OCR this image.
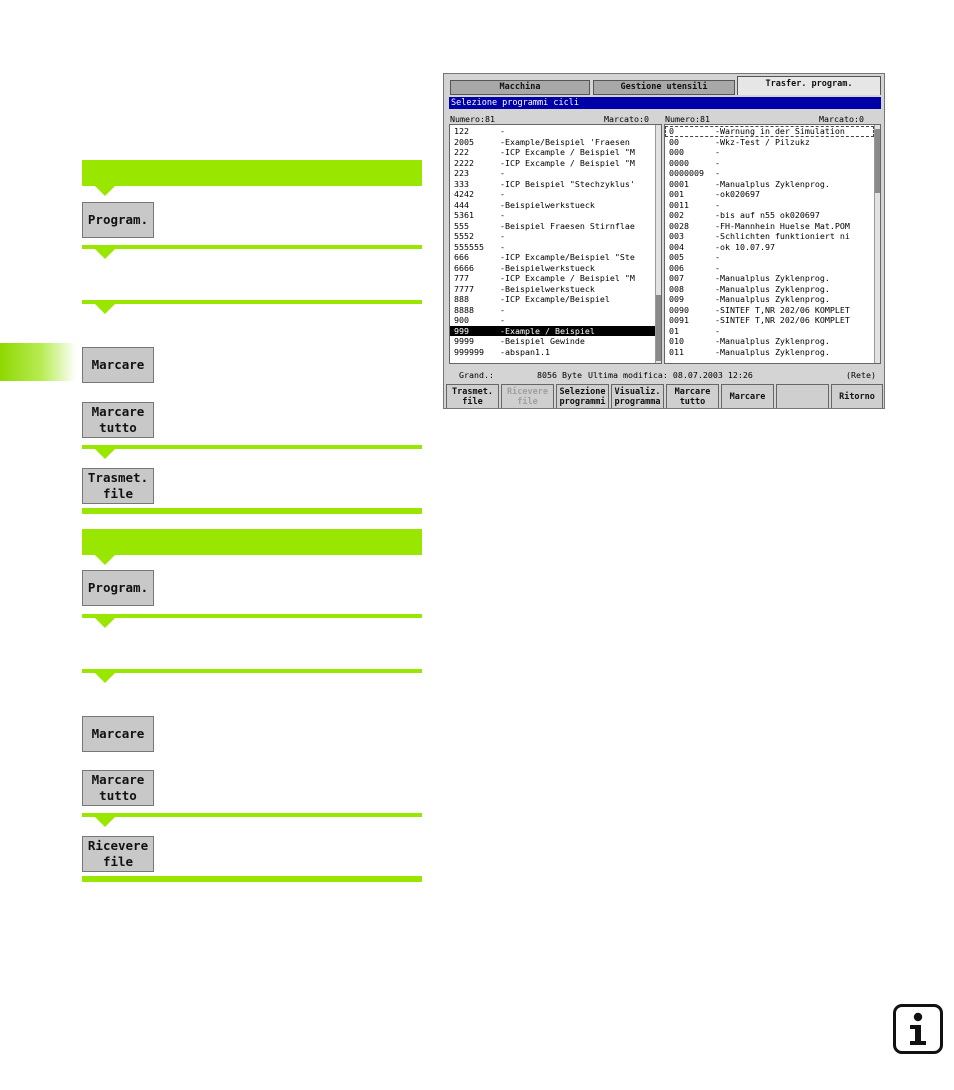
Program.
Marcare
Marcare
tutto
Trasmet.
file
Program.
Marcare
Marcare
tutto
Ricevere
file
Macchina	Gestione utensili	Trasfer. program.
Selezione programmi cicli
Numero:81	Marcato:0 Numero:81	Marcato:0
122	-
2005	-Example/Beispiel 'Fraesen
222	-ICP Excample / Beispiel "M
2222	-ICP Excample / Beispiel "M
223	-
333	-ICP Beispiel "Stechzyklus'
4242	-
444	-Beispielwerkstueck
5361	-
555	-Beispiel Fraesen Stirnflae
5552	-
555555 -
666	-ICP Excample/Beispiel "Ste
6666	-Beispielwerkstueck
777	-ICP Excample / Beispiel "M
7777	-Beispielwerkstueck
888	-ICP Excample/Beispiel
8888	-
900	-
999	-Example / Beispiel
9999	-Beispiel Gewinde
999999 -abspan1.1
0	-Warnung in der Simulation
00	-Wkz-Test / Pilzukz
000	-
0000	-
0000009 -
0001	-Manualplus Zyklenprog.
001	-ok020697
0011	-
002	-bis auf n55 ok020697
0028	-FH-Mannhein Huelse Mat.POM
003	-Schlichten funktioniert ni
004	-ok 10.07.97
005	-
006	-
007	-Manualplus Zyklenprog.
008	-Manualplus Zyklenprog.
009	-Manualplus Zyklenprog.
0090	-SINTEF T,NR 202/06 KOMPLET
0091	-SINTEF T,NR 202/06 KOMPLET
01	-
010	-Manualplus Zyklenprog.
011	-Manualplus Zyklenprog.
Grand.:	8056 Byte Ultima modifica: 08.07.2003 12:26	(Rete)
Trasmet.
file
Ricevere
file
Selezione
programmi
Visualiz.
programma
Marcare
tutto
Marcare	Ritorno
